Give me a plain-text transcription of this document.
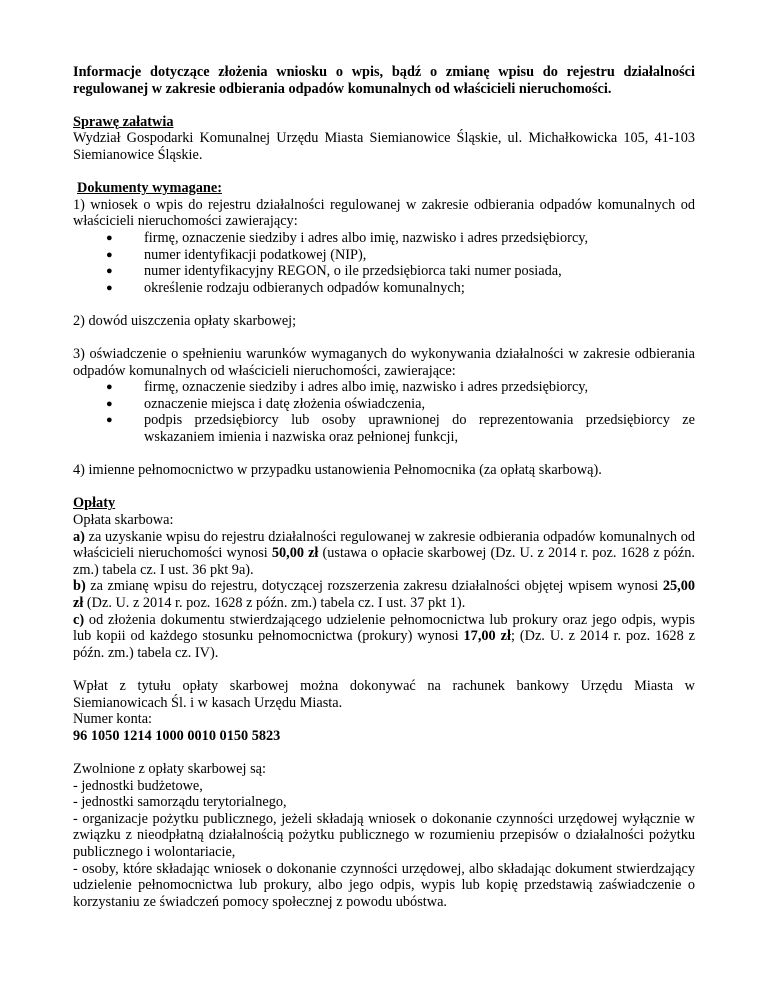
Informacje dotyczące złożenia wniosku o wpis, bądź o zmianę wpisu do rejestru działalności regulowanej w zakresie odbierania odpadów komunalnych od właścicieli nieruchomości.

Sprawę załatwia

Wydział Gospodarki Komunalnej Urzędu Miasta Siemianowice Śląskie, ul. Michałkowicka 105, 41-103 Siemianowice Śląskie.

Dokumenty wymagane:

1) wniosek o wpis do rejestru działalności regulowanej w zakresie odbierania odpadów komunalnych od właścicieli nieruchomości zawierający:

● firmę, oznaczenie siedziby i adres albo imię, nazwisko i adres przedsiębiorcy,
● numer identyfikacji podatkowej (NIP),
● numer identyfikacyjny REGON, o ile przedsiębiorca taki numer posiada,
● określenie rodzaju odbieranych odpadów komunalnych;

2) dowód uiszczenia opłaty skarbowej;

3) oświadczenie o spełnieniu warunków wymaganych do wykonywania działalności w zakresie odbierania odpadów komunalnych od właścicieli nieruchomości, zawierające:

● firmę, oznaczenie siedziby i adres albo imię, nazwisko i adres przedsiębiorcy,
● oznaczenie miejsca i datę złożenia oświadczenia,
● podpis przedsiębiorcy lub osoby uprawnionej do reprezentowania przedsiębiorcy ze wskazaniem imienia i nazwiska oraz pełnionej funkcji,

4) imienne pełnomocnictwo w przypadku ustanowienia Pełnomocnika (za opłatą skarbową).

Opłaty

Opłata skarbowa:

a) za uzyskanie wpisu do rejestru działalności regulowanej w zakresie odbierania odpadów komunalnych od właścicieli nieruchomości wynosi 50,00 zł (ustawa o opłacie skarbowej (Dz. U. z 2014 r. poz. 1628 z późn. zm.) tabela cz. I ust. 36 pkt 9a).

b) za zmianę wpisu do rejestru, dotyczącej rozszerzenia zakresu działalności objętej wpisem wynosi 25,00 zł (Dz. U. z 2014 r. poz. 1628 z późn. zm.) tabela cz. I ust. 37 pkt 1).

c) od złożenia dokumentu stwierdzającego udzielenie pełnomocnictwa lub prokury oraz jego odpis, wypis lub kopii od każdego stosunku pełnomocnictwa (prokury) wynosi 17,00 zł; (Dz. U. z 2014 r. poz. 1628 z późn. zm.) tabela cz. IV).

Wpłat z tytułu opłaty skarbowej można dokonywać na rachunek bankowy Urzędu Miasta w Siemianowicach Śl. i w kasach Urzędu Miasta.

Numer konta:

96 1050 1214 1000 0010 0150 5823

Zwolnione z opłaty skarbowej są:

- jednostki budżetowe,

- jednostki samorządu terytorialnego,

- organizacje pożytku publicznego, jeżeli składają wniosek o dokonanie czynności urzędowej wyłącznie w związku z nieodpłatną działalnością pożytku publicznego w rozumieniu przepisów o działalności pożytku publicznego i wolontariacie,

- osoby, które składając wniosek o dokonanie czynności urzędowej, albo składając dokument stwierdzający udzielenie pełnomocnictwa lub prokury, albo jego odpis, wypis lub kopię przedstawią zaświadczenie o korzystaniu ze świadczeń pomocy społecznej z powodu ubóstwa.
